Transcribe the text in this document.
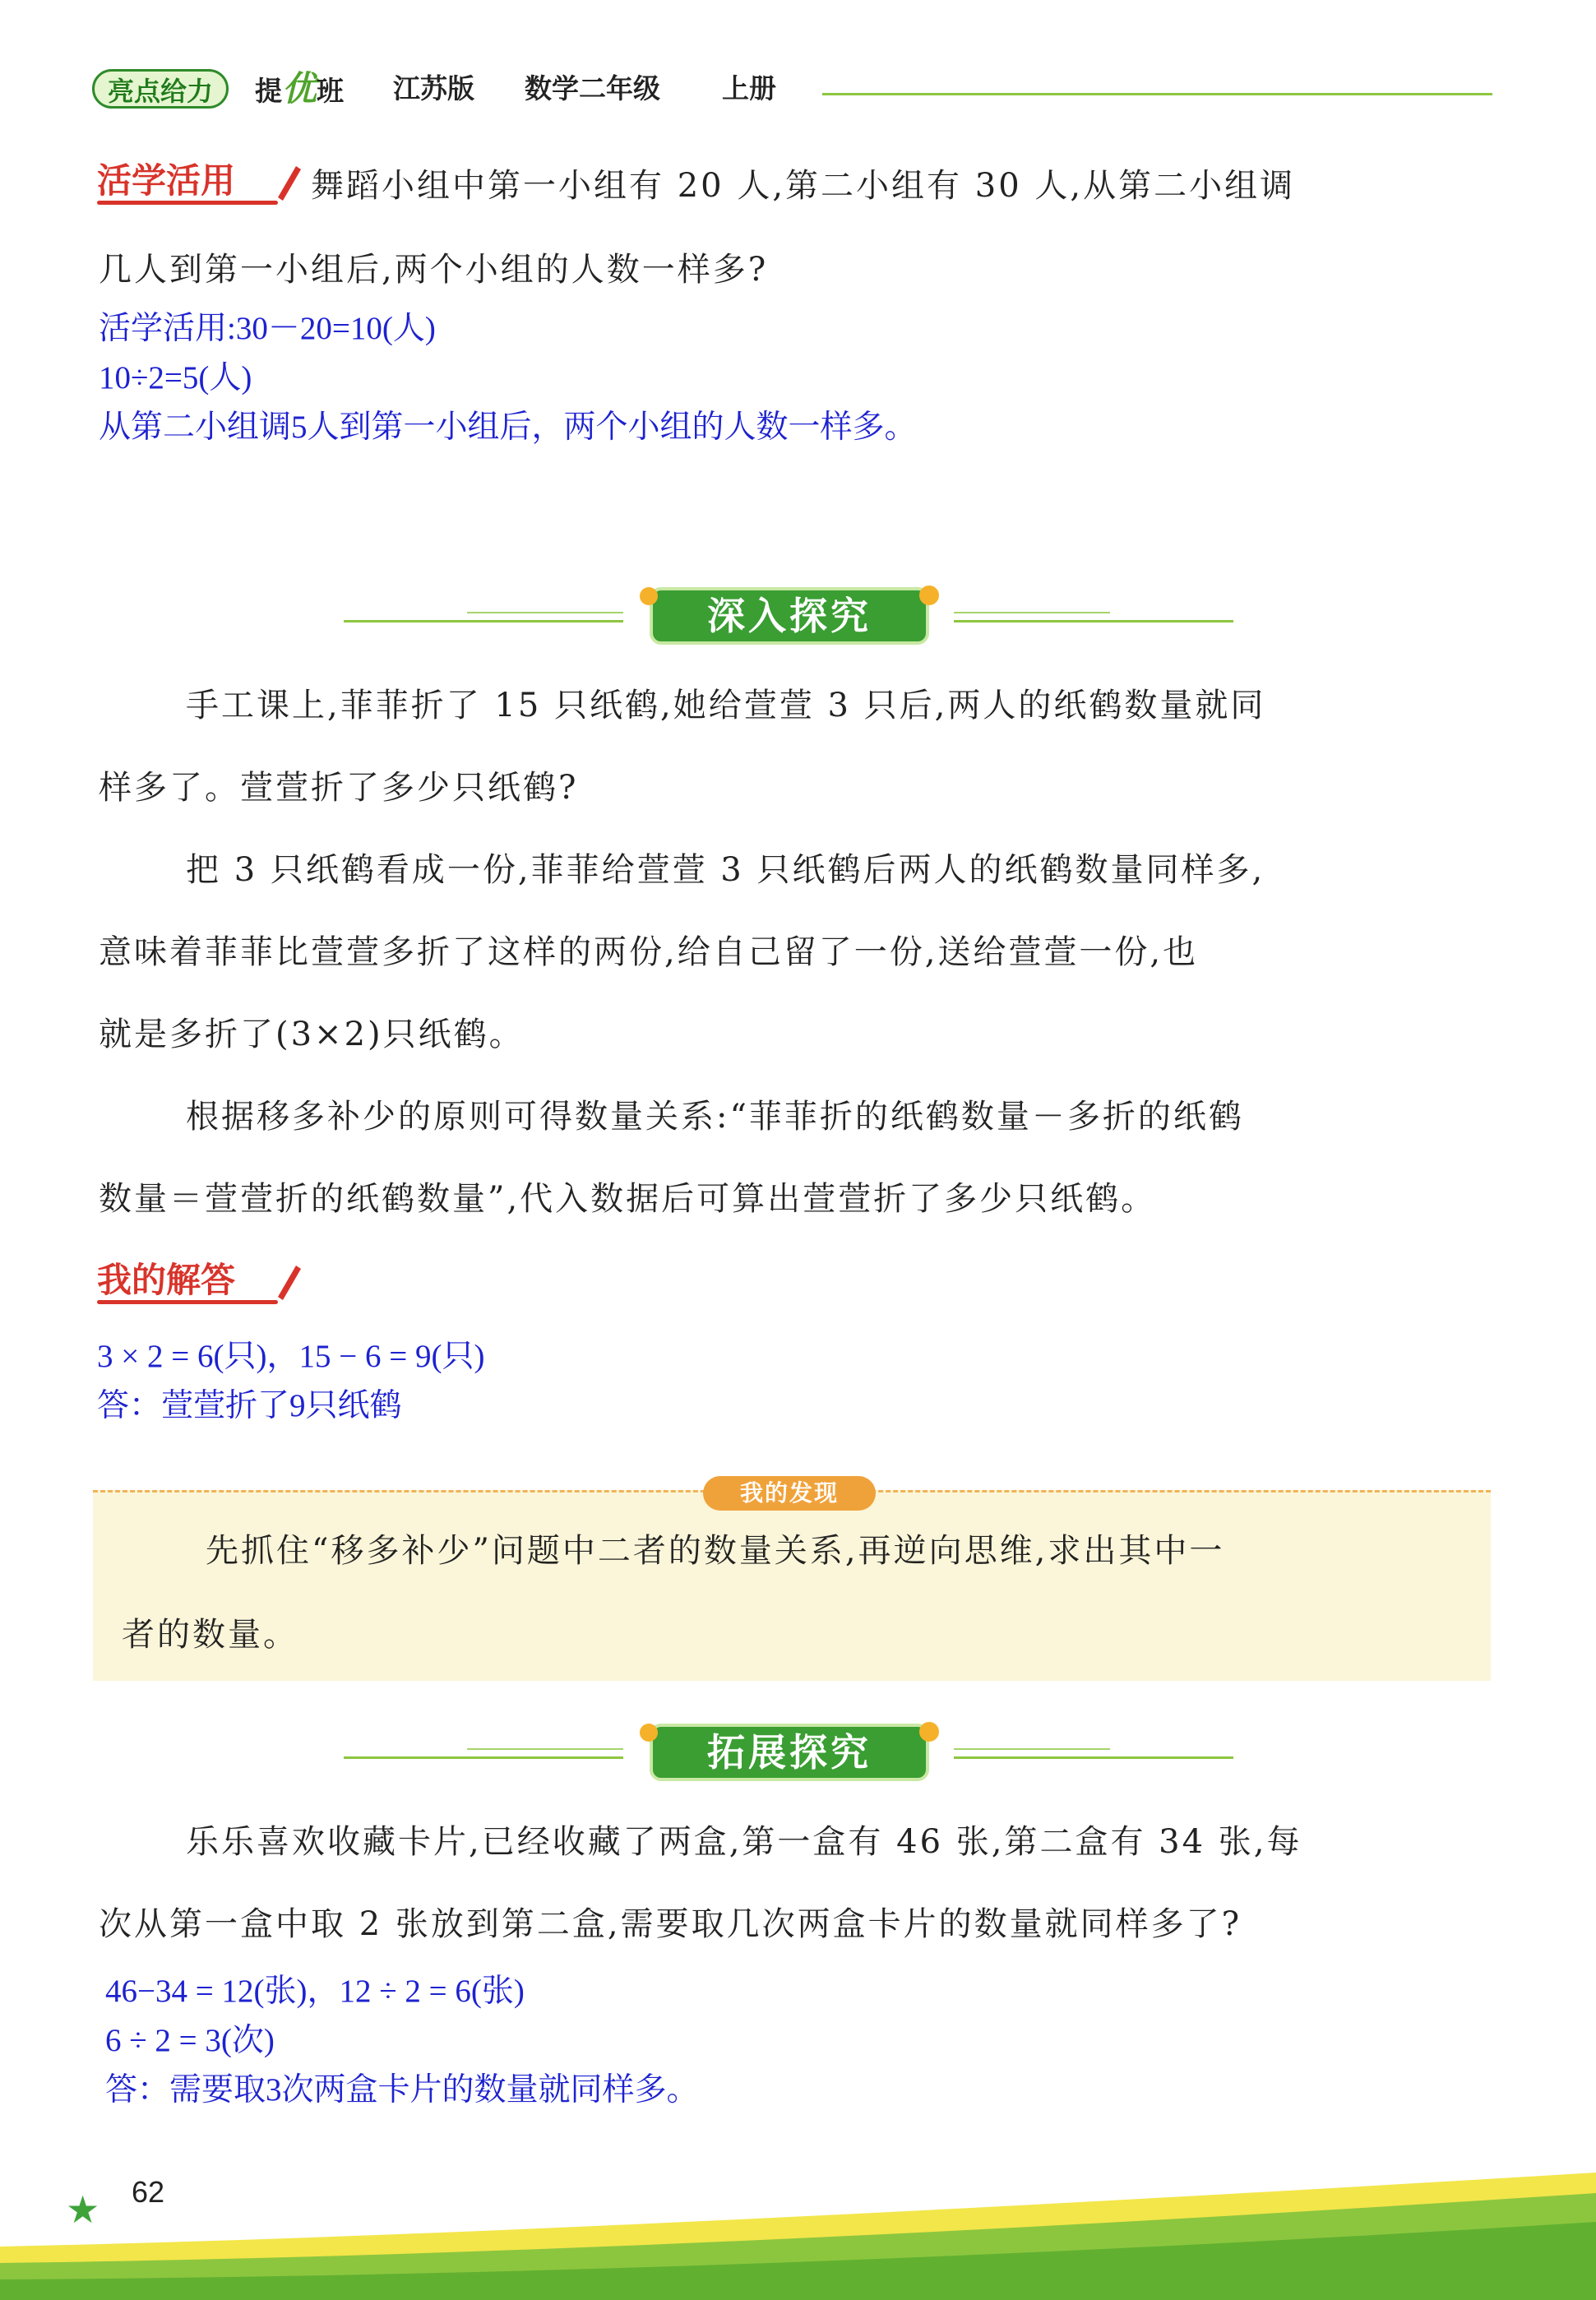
亮点给力	提优班 江苏版 数学二年级 上册
活学活用 舞蹈小组中第一小组有 20 人,第二小组有 30 人,从第二小组调
几人到第一小组后,两个小组的人数一样多?

活学活用:30－20=10(人)

10÷2=5(人)

从第二小组调5人到第一小组后，两个小组的人数一样多。

深入探究

手工课上,菲菲折了 15 只纸鹤,她给萱萱 3 只后,两人的纸鹤数量就同

样多了。萱萱折了多少只纸鹤?

把 3 只纸鹤看成一份,菲菲给萱萱 3 只纸鹤后两人的纸鹤数量同样多,

意味着菲菲比萱萱多折了这样的两份,给自己留了一份,送给萱萱一份,也

就是多折了(3×2)只纸鹤。

根据移多补少的原则可得数量关系:“菲菲折的纸鹤数量－多折的纸鹤

数量＝萱萱折的纸鹤数量”,代入数据后可算出萱萱折了多少只纸鹤。

我的解答

3 × 2 = 6(只)，15 − 6 = 9(只)

答：萱萱折了9只纸鹤

我的发现
先抓住“移多补少”问题中二者的数量关系,再逆向思维,求出其中一
者的数量。
拓展探究

乐乐喜欢收藏卡片,已经收藏了两盒,第一盒有 46 张,第二盒有 34 张,每

次从第一盒中取 2 张放到第二盒,需要取几次两盒卡片的数量就同样多了?

46−34 = 12(张)，12 ÷ 2 = 6(张)

6 ÷ 2 = 3(次)

答：需要取3次两盒卡片的数量就同样多。

★ 62
